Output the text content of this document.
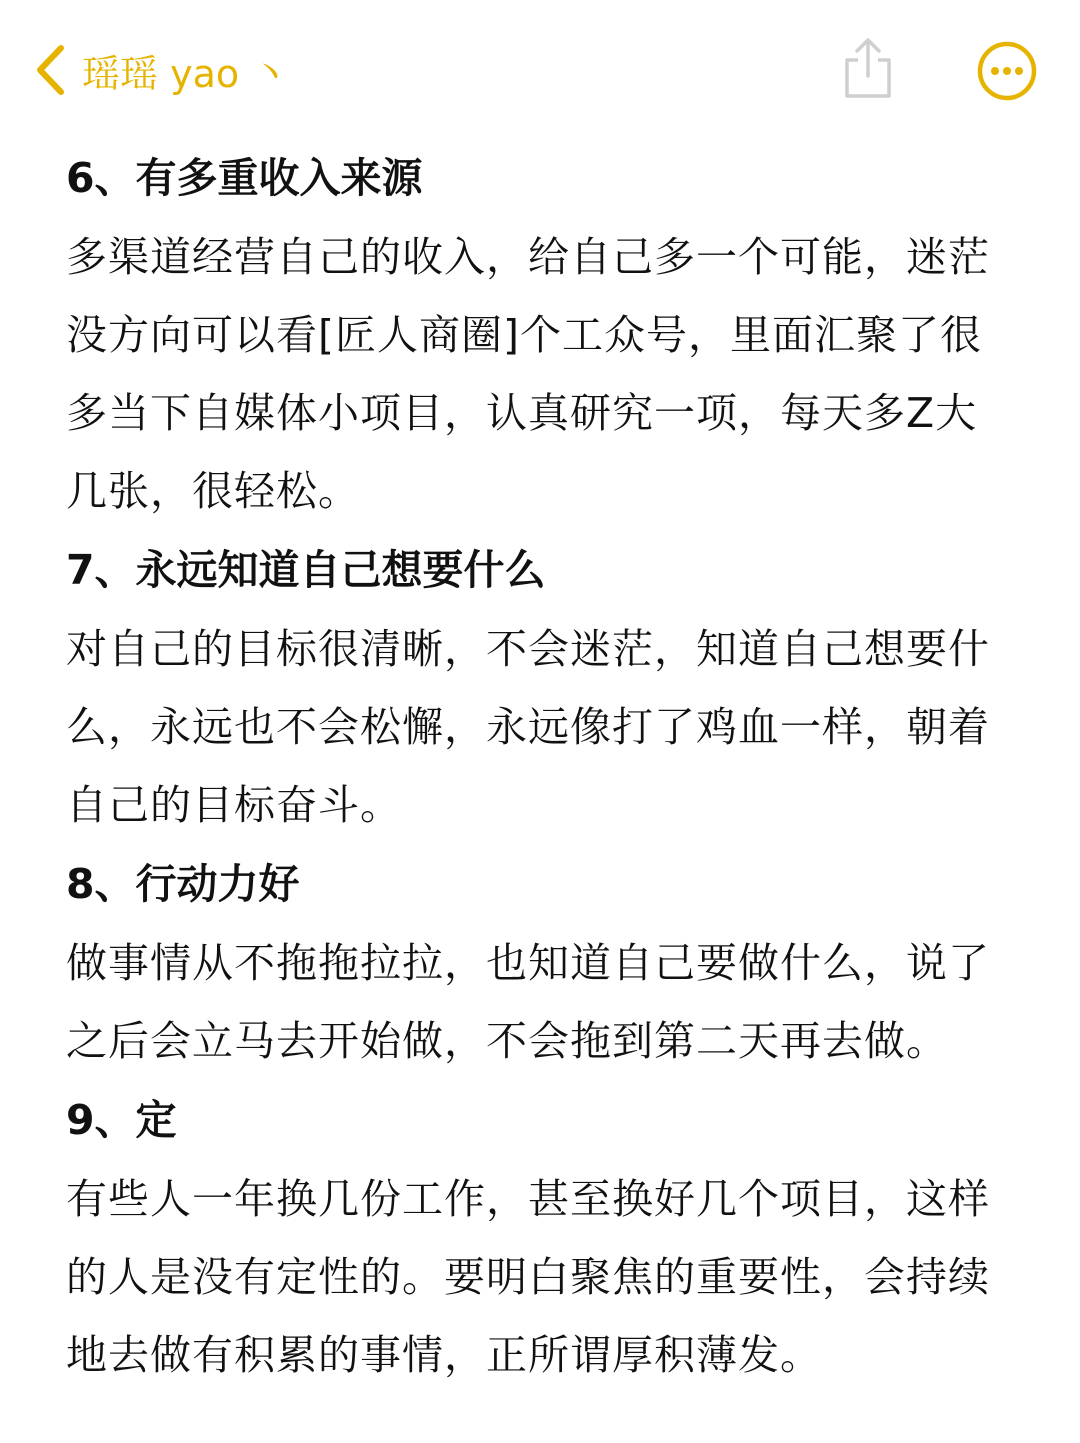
瑶瑶 yao 丶
6、有多重收入来源

多渠道经营自己的收入，给自己多一个可能，迷茫没方向可以看[匠人商圈]个工众号，里面汇聚了很多当下自媒体小项目，认真研究一项，每天多Z大几张，很轻松。

7、永远知道自己想要什么

对自己的目标很清晰，不会迷茫，知道自己想要什么，永远也不会松懈，永远像打了鸡血一样，朝着自己的目标奋斗。

8、行动力好

做事情从不拖拖拉拉，也知道自己要做什么，说了之后会立马去开始做，不会拖到第二天再去做。

9、定

有些人一年换几份工作，甚至换好几个项目，这样的人是没有定性的。要明白聚焦的重要性，会持续地去做有积累的事情，正所谓厚积薄发。
